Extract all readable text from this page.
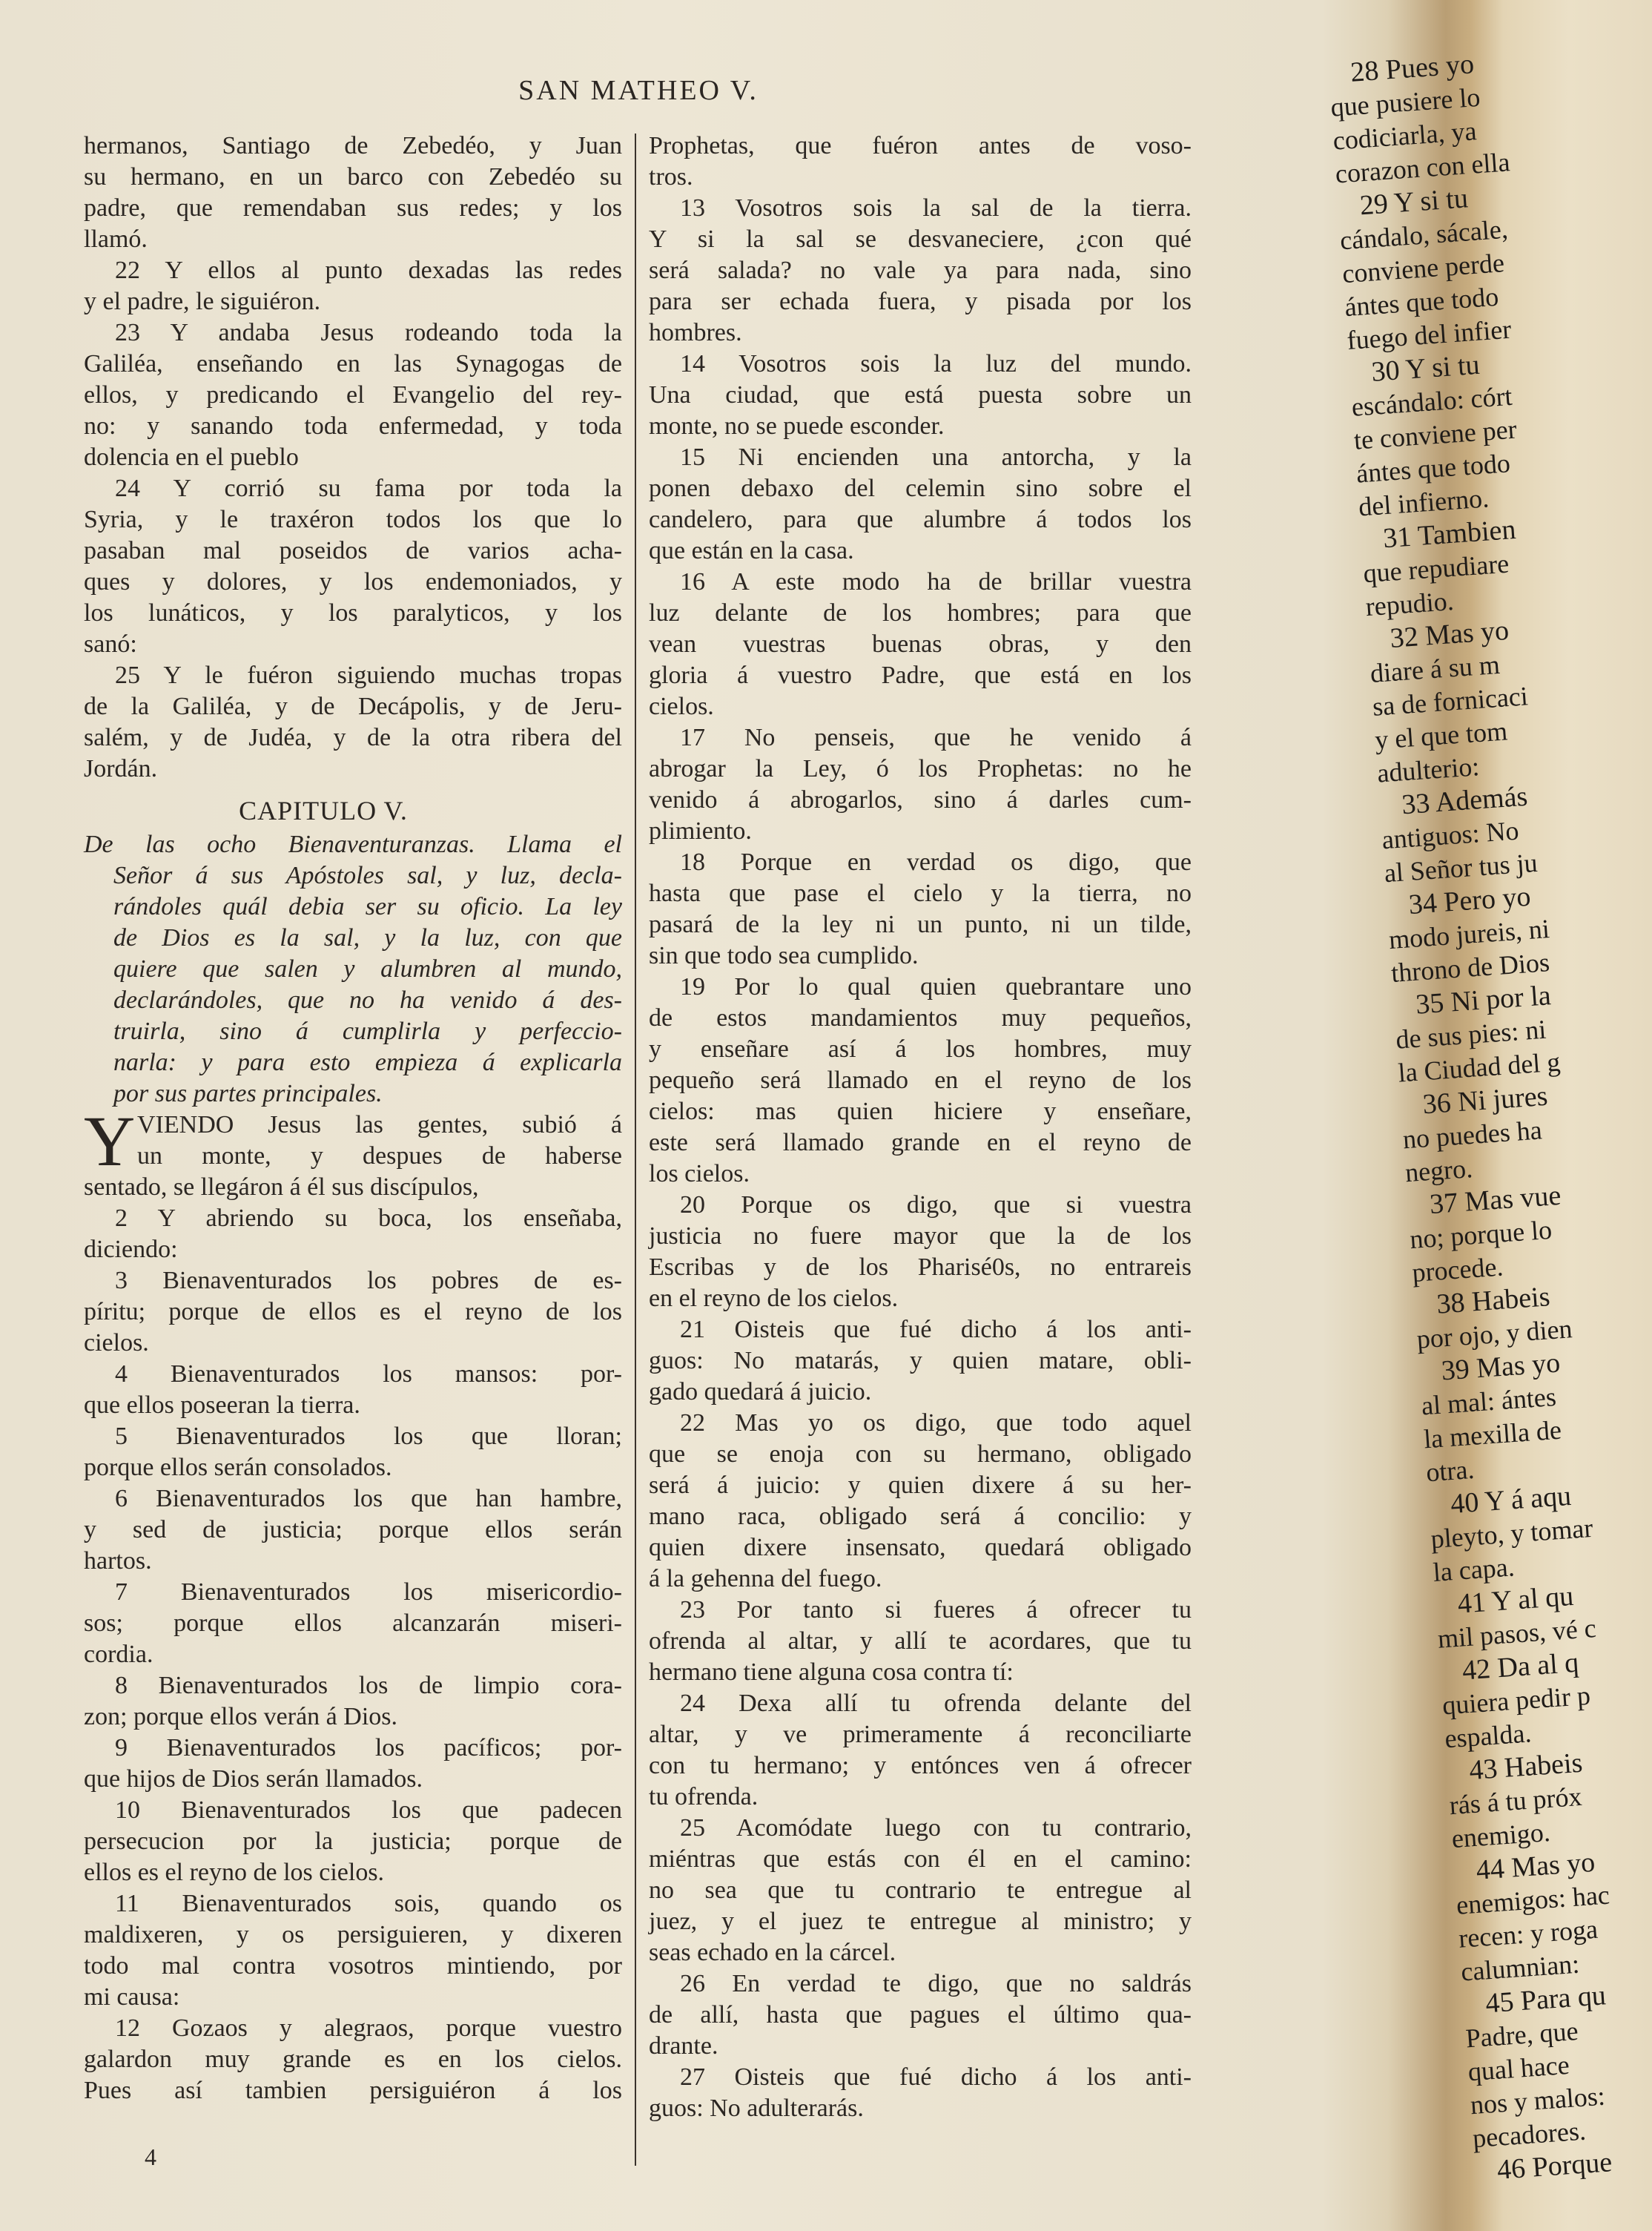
SAN MATHEO V.
hermanos, Santiago de Zebedéo, y Juan
su hermano, en un barco con Zebedéo su
padre, que remendaban sus redes; y los
llamó.
22 Y ellos al punto dexadas las redes
y el padre, le siguiéron.
23 Y andaba Jesus rodeando toda la
Galiléa, enseñando en las Synagogas de
ellos, y predicando el Evangelio del rey-
no: y sanando toda enfermedad, y toda
dolencia en el pueblo
24 Y corrió su fama por toda la
Syria, y le traxéron todos los que lo
pasaban mal poseidos de varios acha-
ques y dolores, y los endemoniados, y
los lunáticos, y los paralyticos, y los
sanó:
25 Y le fuéron siguiendo muchas tropas
de la Galiléa, y de Decápolis, y de Jeru-
salém, y de Judéa, y de la otra ribera del
Jordán.
CAPITULO V.
De las ocho Bienaventuranzas. Llama el
Señor á sus Apóstoles sal, y luz, decla-
rándoles quál debia ser su oficio. La ley
de Dios es la sal, y la luz, con que
quiere que salen y alumbren al mundo,
declarándoles, que no ha venido á des-
truirla, sino á cumplirla y perfeccio-
narla: y para esto empieza á explicarla
por sus partes principales.
Y VIENDO Jesus las gentes, subió á
un monte, y despues de haberse
sentado, se llegáron á él sus discípulos,
2 Y abriendo su boca, los enseñaba,
diciendo:
3 Bienaventurados los pobres de es-
píritu; porque de ellos es el reyno de los
cielos.
4 Bienaventurados los mansos: por-
que ellos poseeran la tierra.
5 Bienaventurados los que lloran;
porque ellos serán consolados.
6 Bienaventurados los que han hambre,
y sed de justicia; porque ellos serán
hartos.
7 Bienaventurados los misericordio-
sos; porque ellos alcanzarán miseri-
cordia.
8 Bienaventurados los de limpio cora-
zon; porque ellos verán á Dios.
9 Bienaventurados los pacíficos; por-
que hijos de Dios serán llamados.
10 Bienaventurados los que padecen
persecucion por la justicia; porque de
ellos es el reyno de los cielos.
11 Bienaventurados sois, quando os
maldixeren, y os persiguieren, y dixeren
todo mal contra vosotros mintiendo, por
mi causa:
12 Gozaos y alegraos, porque vuestro
galardon muy grande es en los cielos.
Pues así tambien persiguiéron á los
Prophetas, que fuéron antes de voso-
tros.
13 Vosotros sois la sal de la tierra.
Y si la sal se desvaneciere, ¿con qué
será salada? no vale ya para nada, sino
para ser echada fuera, y pisada por los
hombres.
14 Vosotros sois la luz del mundo.
Una ciudad, que está puesta sobre un
monte, no se puede esconder.
15 Ni encienden una antorcha, y la
ponen debaxo del celemin sino sobre el
candelero, para que alumbre á todos los
que están en la casa.
16 A este modo ha de brillar vuestra
luz delante de los hombres; para que
vean vuestras buenas obras, y den
gloria á vuestro Padre, que está en los
cielos.
17 No penseis, que he venido á
abrogar la Ley, ó los Prophetas: no he
venido á abrogarlos, sino á darles cum-
plimiento.
18 Porque en verdad os digo, que
hasta que pase el cielo y la tierra, no
pasará de la ley ni un punto, ni un tilde,
sin que todo sea cumplido.
19 Por lo qual quien quebrantare uno
de estos mandamientos muy pequeños,
y enseñare así á los hombres, muy
pequeño será llamado en el reyno de los
cielos: mas quien hiciere y enseñare,
este será llamado grande en el reyno de
los cielos.
20 Porque os digo, que si vuestra
justicia no fuere mayor que la de los
Escribas y de los Pharisé0s, no entrareis
en el reyno de los cielos.
21 Oisteis que fué dicho á los anti-
guos: No matarás, y quien matare, obli-
gado quedará á juicio.
22 Mas yo os digo, que todo aquel
que se enoja con su hermano, obligado
será á juicio: y quien dixere á su her-
mano raca, obligado será á concilio: y
quien dixere insensato, quedará obligado
á la gehenna del fuego.
23 Por tanto si fueres á ofrecer tu
ofrenda al altar, y allí te acordares, que tu
hermano tiene alguna cosa contra tí:
24 Dexa allí tu ofrenda delante del
altar, y ve primeramente á reconciliarte
con tu hermano; y entónces ven á ofrecer
tu ofrenda.
25 Acomódate luego con tu contrario,
miéntras que estás con él en el camino:
no sea que tu contrario te entregue al
juez, y el juez te entregue al ministro; y
seas echado en la cárcel.
26 En verdad te digo, que no saldrás
de allí, hasta que pagues el último qua-
drante.
27 Oisteis que fué dicho á los anti-
guos: No adulterarás.
4
28 Pues yo
que pusiere lo
codiciarla, ya
corazon con ella
29 Y si tu
cándalo, sácale,
conviene perde
ántes que todo
fuego del infier
30 Y si tu
escándalo: córt
te conviene per
ántes que todo
del infierno.
31 Tambien
que repudiare
repudio.
32 Mas yo
diare á su m
sa de fornicaci
y el que tom
adulterio:
33 Además
antiguos: No
al Señor tus ju
34 Pero yo
modo jureis, ni
throno de Dios
35 Ni por la
de sus pies: ni
la Ciudad del g
36 Ni jures
no puedes ha
negro.
37 Mas vue
no; porque lo
procede.
38 Habeis
por ojo, y dien
39 Mas yo
al mal: ántes
la mexilla de
otra.
40 Y á aqu
pleyto, y tomar
la capa.
41 Y al qu
mil pasos, vé c
42 Da al q
quiera pedir p
espalda.
43 Habeis
rás á tu próx
enemigo.
44 Mas yo
enemigos: hac
recen: y roga
calumnian:
45 Para qu
Padre, que
qual hace
nos y malos:
pecadores.
46 Porque
